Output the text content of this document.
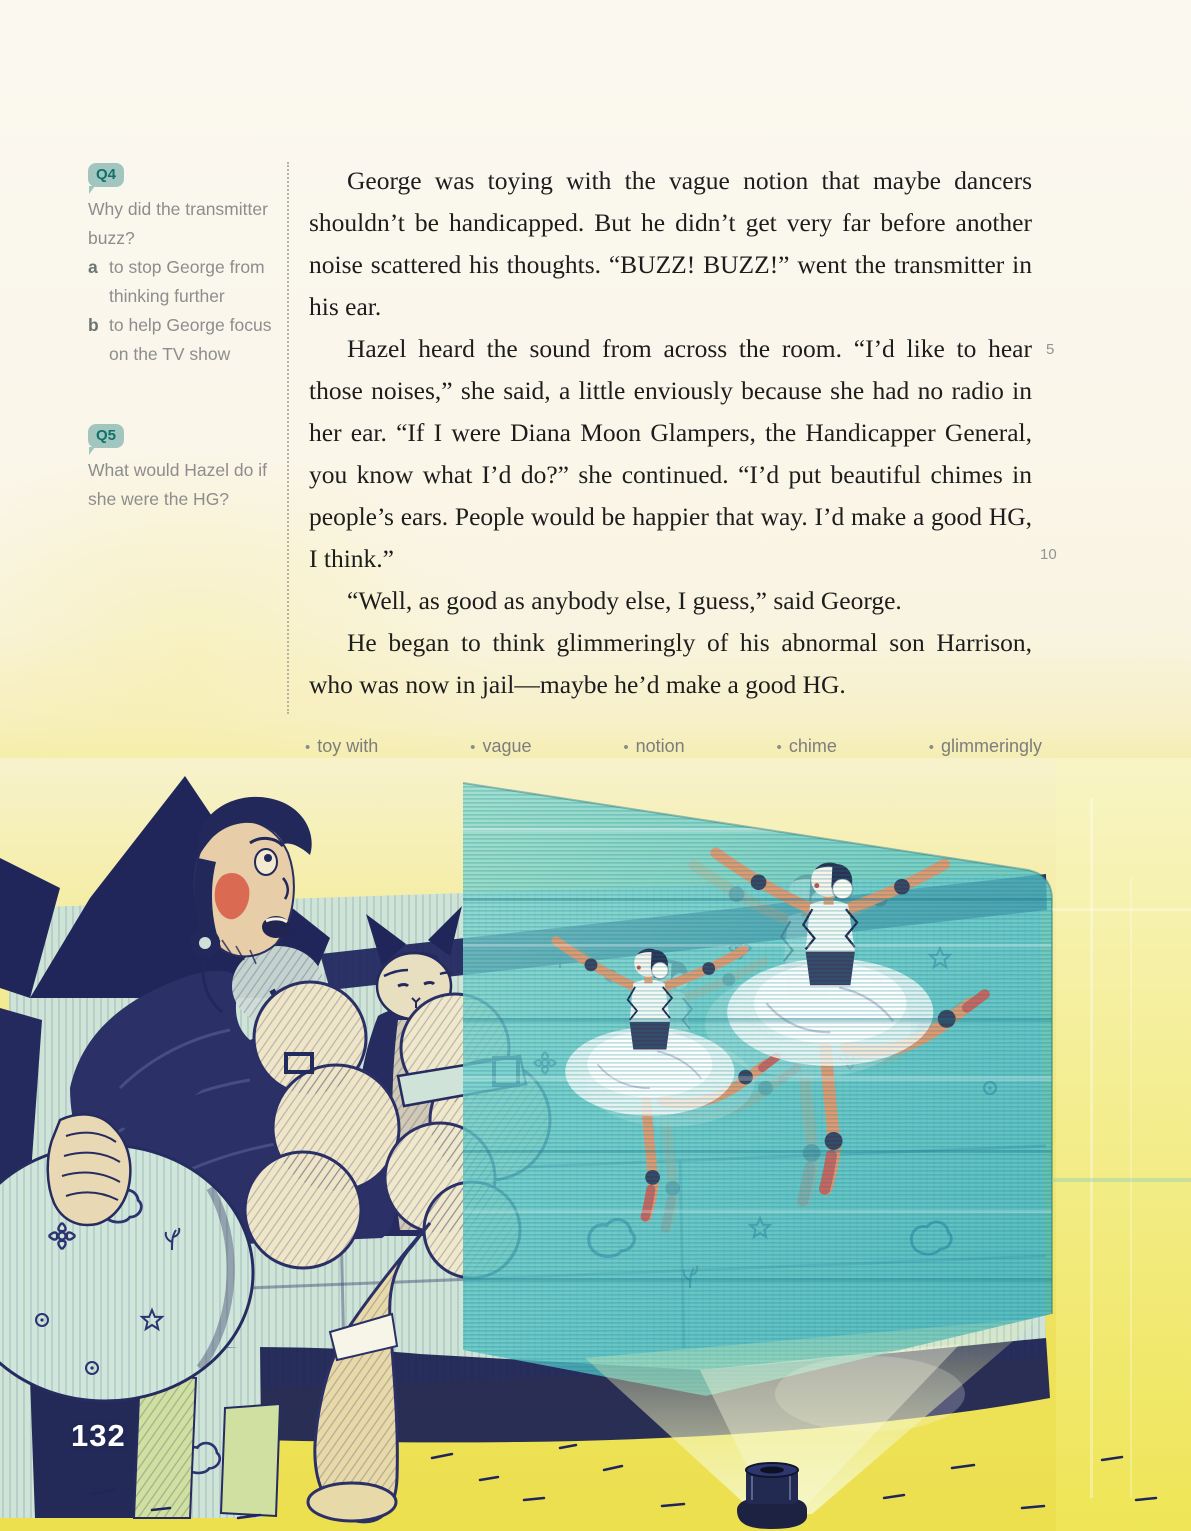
Q4
Why did the transmitter buzz?
a to stop George from thinking further
b to help George focus on the TV show
Q5
What would Hazel do if she were the HG?

George was toying with the vague notion that maybe dancers shouldn’t be handicapped. But he didn’t get very far before another noise scattered his thoughts. “BUZZ! BUZZ!” went the transmitter in his ear.

Hazel heard the sound from across the room. “I’d like to hear those noises,” she said, a little enviously because she had no radio in her ear. “If I were Diana Moon Glampers, the Handicapper General, you know what I’d do?” she continued. “I’d put beautiful chimes in people’s ears. People would be happier that way. I’d make a good HG, I think.”

“Well, as good as anybody else, I guess,” said George.

He began to think glimmeringly of his abnormal son Harrison, who was now in jail—maybe he’d make a good HG.

5
10
• toy with	• vague	• notion	• chime	• glimmeringly
132
